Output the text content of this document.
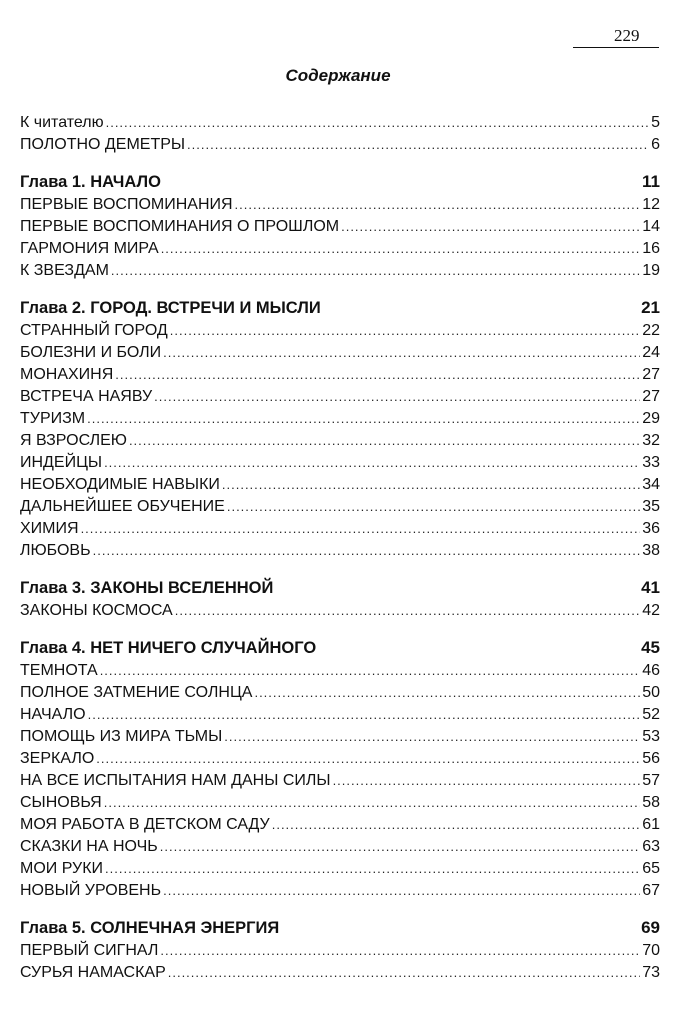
229
Содержание
К читателю .....	5
ПОЛОТНО ДЕМЕТРЫ .....	6
Глава 1. НАЧАЛО	11
ПЕРВЫЕ ВОСПОМИНАНИЯ .....	12
ПЕРВЫЕ ВОСПОМИНАНИЯ О ПРОШЛОМ .....	14
ГАРМОНИЯ МИРА .....	16
К ЗВЕЗДАМ .....	19
Глава 2. ГОРОД. ВСТРЕЧИ И МЫСЛИ	21
СТРАННЫЙ ГОРОД .....	22
БОЛЕЗНИ И БОЛИ .....	24
МОНАХИНЯ .....	27
ВСТРЕЧА НАЯВУ .....	27
ТУРИЗМ .....	29
Я ВЗРОСЛЕЮ .....	32
ИНДЕЙЦЫ .....	33
НЕОБХОДИМЫЕ НАВЫКИ .....	34
ДАЛЬНЕЙШЕЕ ОБУЧЕНИЕ .....	35
ХИМИЯ .....	36
ЛЮБОВЬ .....	38
Глава 3. ЗАКОНЫ ВСЕЛЕННОЙ	41
ЗАКОНЫ КОСМОСА .....	42
Глава 4. НЕТ НИЧЕГО СЛУЧАЙНОГО	45
ТЕМНОТА .....	46
ПОЛНОЕ ЗАТМЕНИЕ СОЛНЦА .....	50
НАЧАЛО .....	52
ПОМОЩЬ ИЗ МИРА ТЬМЫ .....	53
ЗЕРКАЛО .....	56
НА ВСЕ ИСПЫТАНИЯ НАМ ДАНЫ СИЛЫ .....	57
СЫНОВЬЯ .....	58
МОЯ РАБОТА В ДЕТСКОМ САДУ .....	61
СКАЗКИ НА НОЧЬ .....	63
МОИ РУКИ .....	65
НОВЫЙ УРОВЕНЬ .....	67
Глава 5. СОЛНЕЧНАЯ ЭНЕРГИЯ	69
ПЕРВЫЙ СИГНАЛ .....	70
СУРЬЯ НАМАСКАР .....	73
